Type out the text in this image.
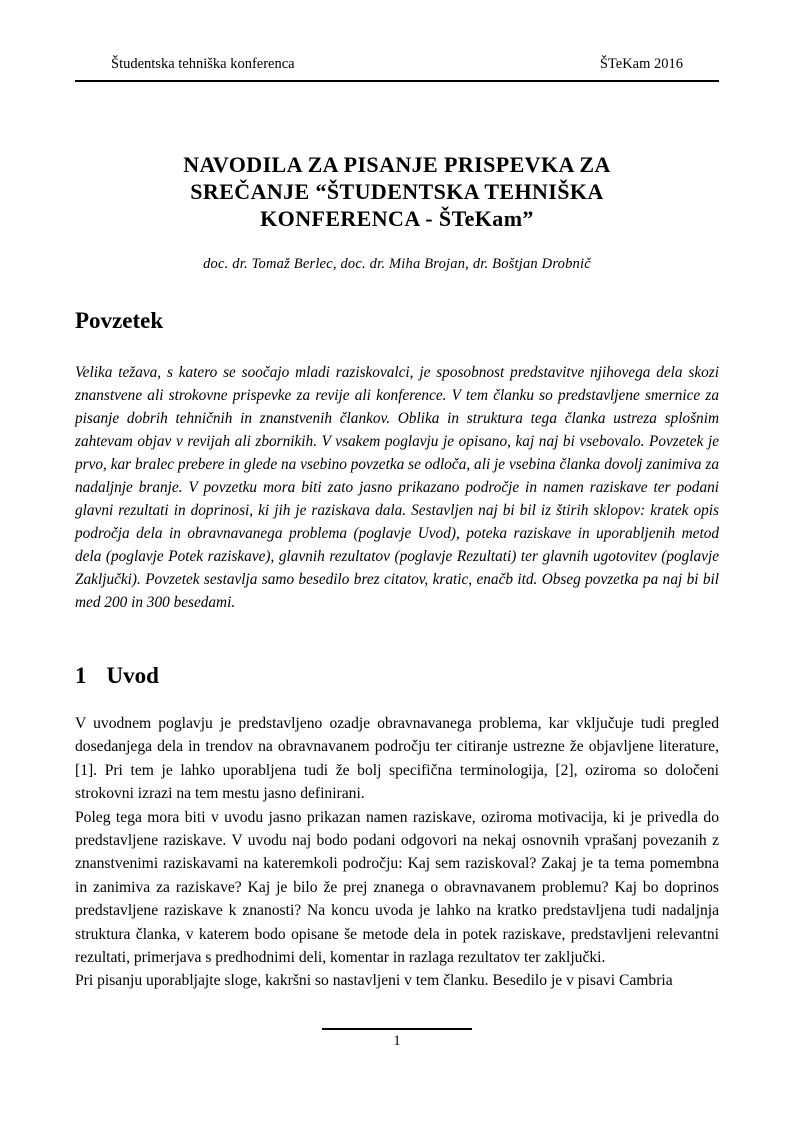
Študentska tehniška konferenca	ŠTeKam 2016
NAVODILA ZA PISANJE PRISPEVKA ZA
SREČANJE “ŠTUDENTSKA TEHNIŠKA
KONFERENCA - ŠTeKam”
doc. dr. Tomaž Berlec, doc. dr. Miha Brojan, dr. Boštjan Drobnič
Povzetek
Velika težava, s katero se soočajo mladi raziskovalci, je sposobnost predstavitve njihovega dela skozi znanstvene ali strokovne prispevke za revije ali konference. V tem članku so predstavljene smernice za pisanje dobrih tehničnih in znanstvenih člankov. Oblika in struktura tega članka ustreza splošnim zahtevam objav v revijah ali zbornikih. V vsakem poglavju je opisano, kaj naj bi vsebovalo. Povzetek je prvo, kar bralec prebere in glede na vsebino povzetka se odloča, ali je vsebina članka dovolj zanimiva za nadaljnje branje. V povzetku mora biti zato jasno prikazano področje in namen raziskave ter podani glavni rezultati in doprinosi, ki jih je raziskava dala. Sestavljen naj bi bil iz štirih sklopov: kratek opis področja dela in obravnavanega problema (poglavje Uvod), poteka raziskave in uporabljenih metod dela (poglavje Potek raziskave), glavnih rezultatov (poglavje Rezultati) ter glavnih ugotovitev (poglavje Zaključki). Povzetek sestavlja samo besedilo brez citatov, kratic, enačb itd. Obseg povzetka pa naj bi bil med 200 in 300 besedami.
1 Uvod

V uvodnem poglavju je predstavljeno ozadje obravnavanega problema, kar vključuje tudi pregled dosedanjega dela in trendov na obravnavanem področju ter citiranje ustrezne že objavljene literature, [1]. Pri tem je lahko uporabljena tudi že bolj specifična terminologija, [2], oziroma so določeni strokovni izrazi na tem mestu jasno definirani.

Poleg tega mora biti v uvodu jasno prikazan namen raziskave, oziroma motivacija, ki je privedla do predstavljene raziskave. V uvodu naj bodo podani odgovori na nekaj osnovnih vprašanj povezanih z znanstvenimi raziskavami na kateremkoli področju: Kaj sem raziskoval? Zakaj je ta tema pomembna in zanimiva za raziskave? Kaj je bilo že prej znanega o obravnavanem problemu? Kaj bo doprinos predstavljene raziskave k znanosti? Na koncu uvoda je lahko na kratko predstavljena tudi nadaljnja struktura članka, v katerem bodo opisane še metode dela in potek raziskave, predstavljeni relevantni rezultati, primerjava s predhodnimi deli, komentar in razlaga rezultatov ter zaključki.

Pri pisanju uporabljajte sloge, kakršni so nastavljeni v tem članku. Besedilo je v pisavi Cambria

1
